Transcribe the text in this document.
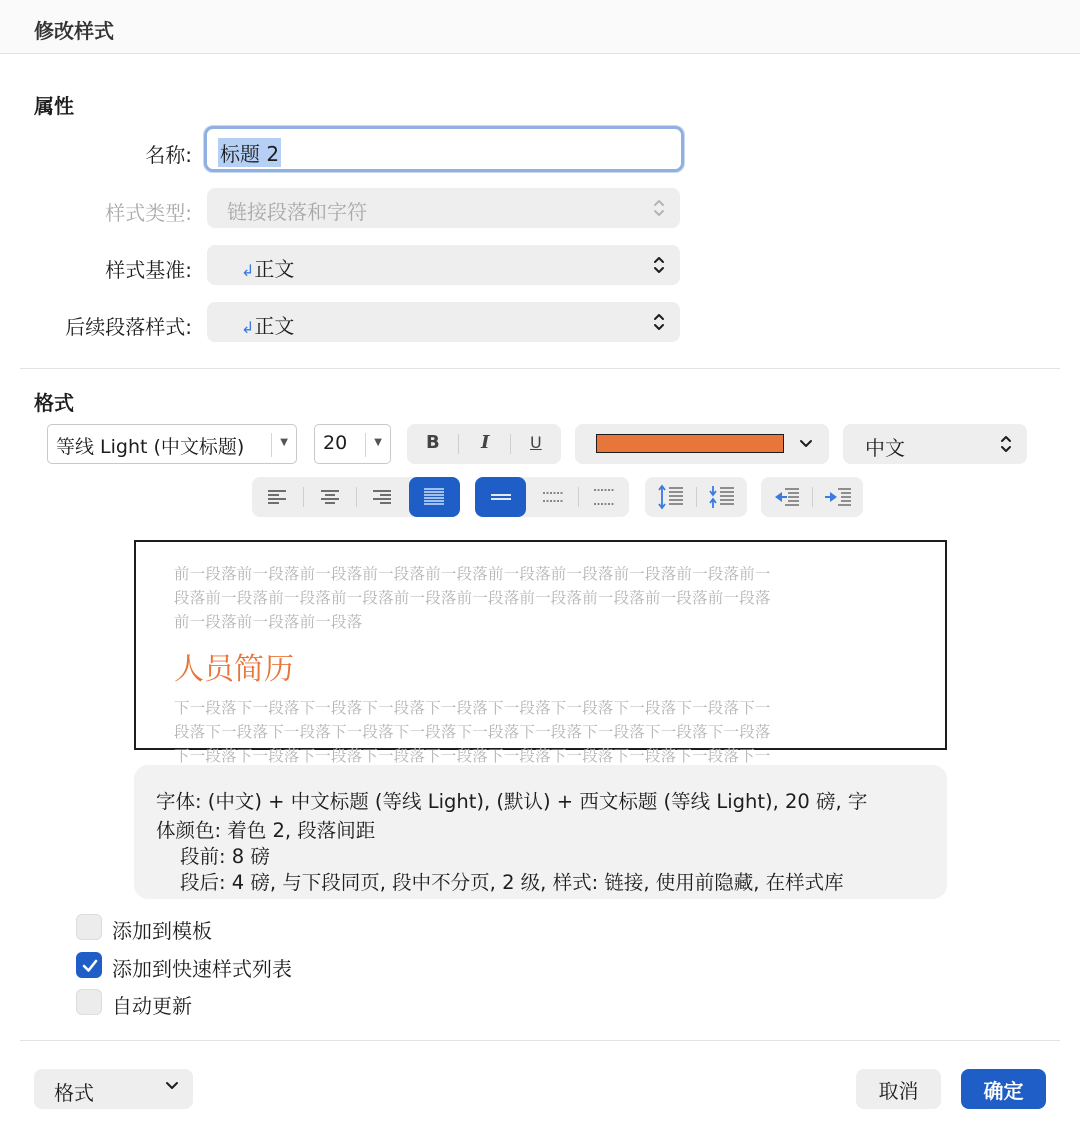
修改样式
属性
名称: 标题 2
样式类型: 链接段落和字符
样式基准:	↲正文
后续段落样式:	↲正文
格式
等线 Light (中文标题)	▼ 20	▼ B I	U	中文
前一段落前一段落前一段落前一段落前一段落前一段落前一段落前一段落前一段落前一
段落前一段落前一段落前一段落前一段落前一段落前一段落前一段落前一段落前一段落
前一段落前一段落前一段落
人员简历
下一段落下一段落下一段落下一段落下一段落下一段落下一段落下一段落下一段落下一
段落下一段落下一段落下一段落下一段落下一段落下一段落下一段落下一段落下一段落
下一段落下一段落下一段落下一段落下一段落下一段落下一段落下一段落下一段落下一
字体: (中文) + 中文标题 (等线 Light), (默认) + 西文标题 (等线 Light), 20 磅, 字
体颜色: 着色 2, 段落间距
段前: 8 磅
段后: 4 磅, 与下段同页, 段中不分页, 2 级, 样式: 链接, 使用前隐藏, 在样式库
添加到模板
添加到快速样式列表
自动更新
格式	取消	确定
